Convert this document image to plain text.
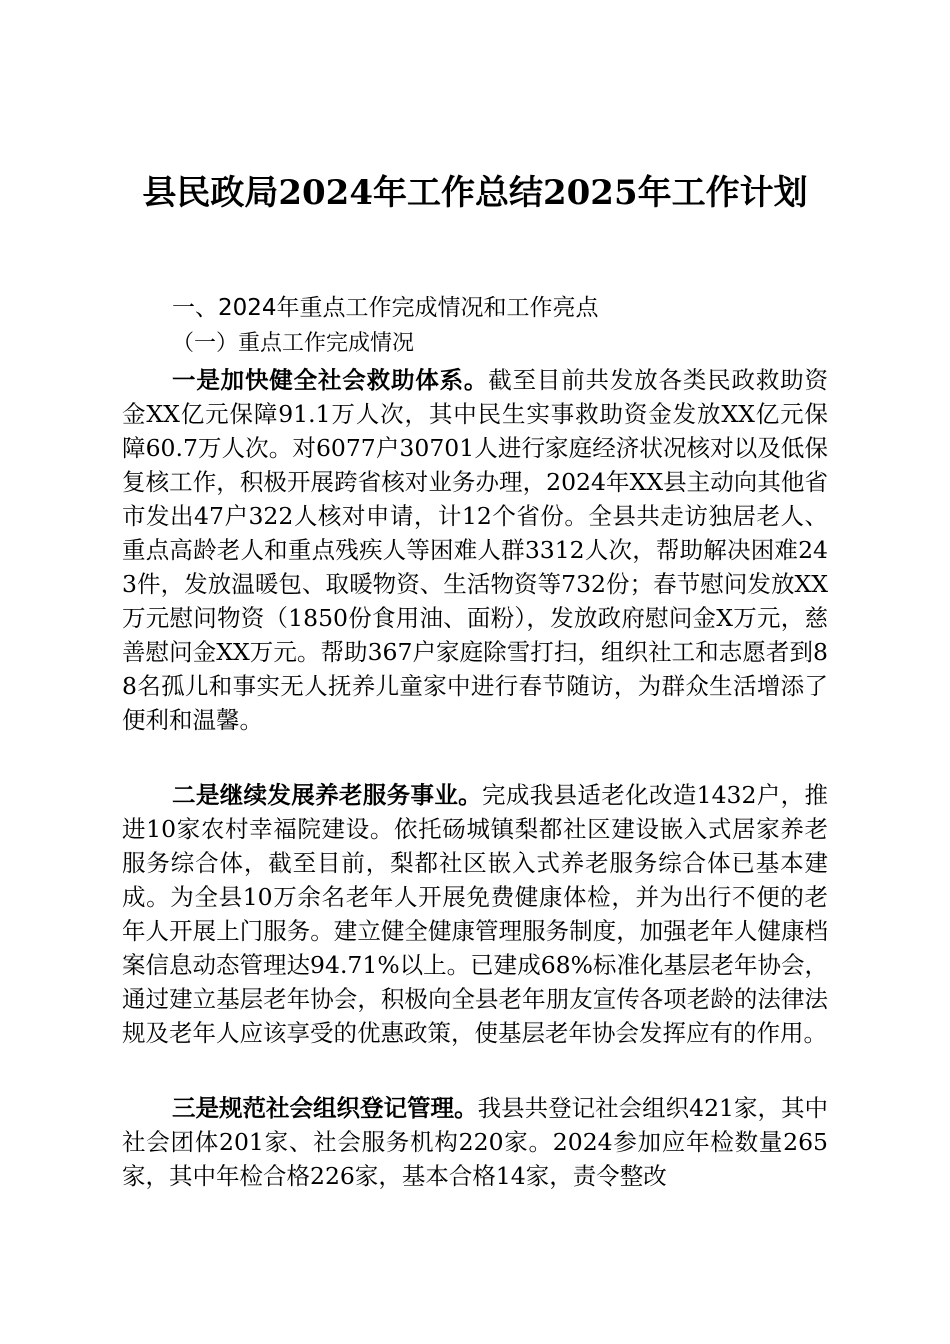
县民政局2024年工作总结2025年工作计划
一、2024年重点工作完成情况和工作亮点
（一）重点工作完成情况
一是加快健全社会救助体系。截至目前共发放各类民政救助资金XX亿元保障91.1万人次，其中民生实事救助资金发放XX亿元保障60.7万人次。对6077户30701人进行家庭经济状况核对以及低保复核工作，积极开展跨省核对业务办理，2024年XX县主动向其他省市发出47户322人核对申请，计12个省份。全县共走访独居老人、重点高龄老人和重点残疾人等困难人群3312人次，帮助解决困难243件，发放温暖包、取暖物资、生活物资等732份；春节慰问发放XX万元慰问物资（1850份食用油、面粉），发放政府慰问金X万元，慈善慰问金XX万元。帮助367户家庭除雪打扫，组织社工和志愿者到88名孤儿和事实无人抚养儿童家中进行春节随访，为群众生活增添了便利和温馨。
二是继续发展养老服务事业。完成我县适老化改造1432户，推进10家农村幸福院建设。依托砀城镇梨都社区建设嵌入式居家养老服务综合体，截至目前，梨都社区嵌入式养老服务综合体已基本建成。为全县10万余名老年人开展免费健康体检，并为出行不便的老年人开展上门服务。建立健全健康管理服务制度，加强老年人健康档案信息动态管理达94.71%以上。已建成68%标准化基层老年协会，通过建立基层老年协会，积极向全县老年朋友宣传各项老龄的法律法规及老年人应该享受的优惠政策，使基层老年协会发挥应有的作用。
三是规范社会组织登记管理。我县共登记社会组织421家，其中社会团体201家、社会服务机构220家。2024参加应年检数量265家，其中年检合格226家，基本合格14家，责令整改
